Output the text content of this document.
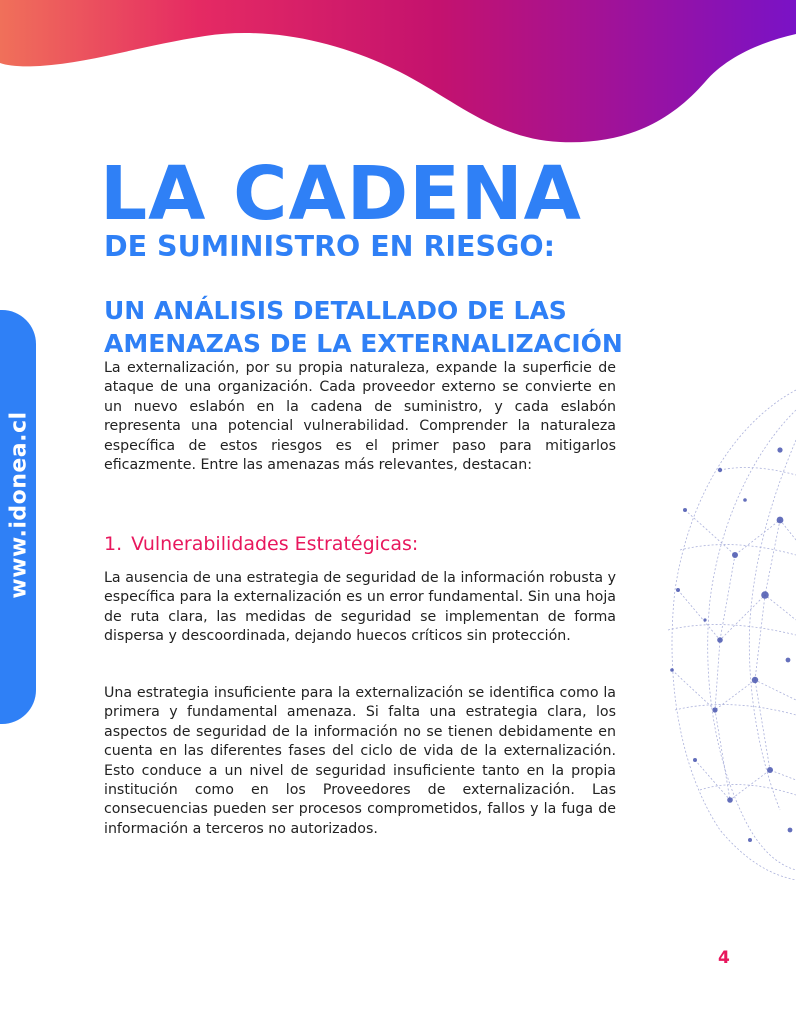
www.idonea.cl
LA CADENA
DE SUMINISTRO EN RIESGO:
UN ANÁLISIS DETALLADO DE LAS
AMENAZAS DE LA EXTERNALIZACIÓN

La externalización, por su propia naturaleza, expande la superficie de ataque de una organización. Cada proveedor externo se convierte en un nuevo eslabón en la cadena de suministro, y cada eslabón representa una potencial vulnerabilidad. Comprender la naturaleza específica de estos riesgos es el primer paso para mitigarlos eficazmente. Entre las amenazas más relevantes, destacan:

1. Vulnerabilidades Estratégicas:

La ausencia de una estrategia de seguridad de la información robusta y específica para la externalización es un error fundamental. Sin una hoja de ruta clara, las medidas de seguridad se implementan de forma dispersa y descoordinada, dejando huecos críticos sin protección.

Una estrategia insuficiente para la externalización se identifica como la primera y fundamental amenaza. Si falta una estrategia clara, los aspectos de seguridad de la información no se tienen debidamente en cuenta en las diferentes fases del ciclo de vida de la externalización. Esto conduce a un nivel de seguridad insuficiente tanto en la propia institución como en los Proveedores de externalización. Las consecuencias pueden ser procesos comprometidos, fallos y la fuga de información a terceros no autorizados.

4
